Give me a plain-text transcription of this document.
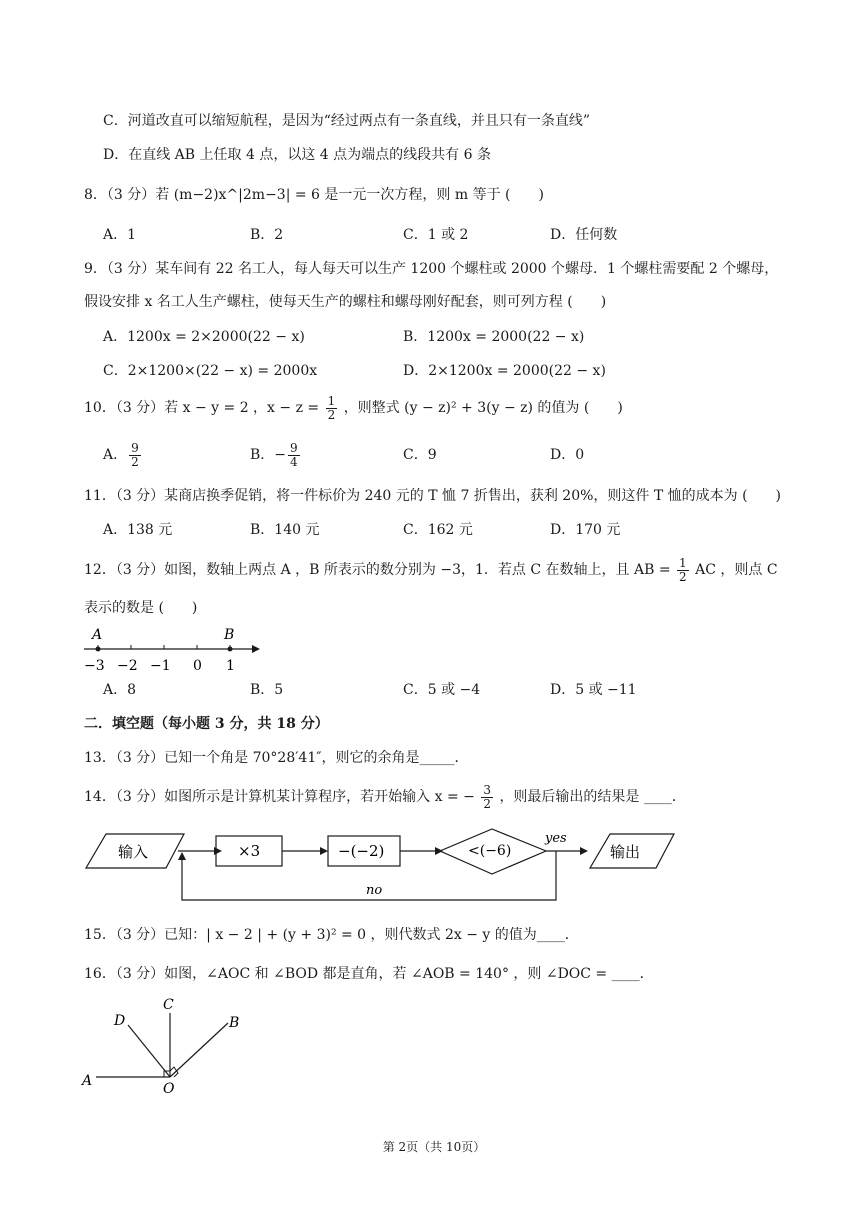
C．河道改直可以缩短航程，是因为“经过两点有一条直线，并且只有一条直线”
D．在直线 AB 上任取 4 点，以这 4 点为端点的线段共有 6 条
8．（3 分）若 (m−2)x^|2m−3| = 6 是一元一次方程，则 m 等于 (　　)
A．1	B．2	C．1 或 2	D．任何数
9．（3 分）某车间有 22 名工人，每人每天可以生产 1200 个螺柱或 2000 个螺母．1 个螺柱需要配 2 个螺母，
假设安排 x 名工人生产螺柱，使每天生产的螺柱和螺母刚好配套，则可列方程 (　　)
A．1200x = 2×2000(22 − x)	B．1200x = 2000(22 − x)
C．2×1200×(22 − x) = 2000x	D．2×1200x = 2000(22 − x)
10．（3 分）若 x − y = 2 ，$x - z = \frac{1}{2}$ ，则整式 (y − z)² + 3(y − z) 的值为 (　　)
A． $\frac{9}{2}$	B．− $\frac{9}{4}$	C．9	D．0
11．（3 分）某商店换季促销，将一件标价为 240 元的 T 恤 7 折售出，获利 20%，则这件 T 恤的成本为 (　　)
A．138 元	B．140 元	C．162 元	D．170 元
12．（3 分）如图，数轴上两点 A ，B 所表示的数分别为 −3，1．若点 C 在数轴上，且 AB = $\frac{1}{2}$ AC ，则点 C
表示的数是 (　　)
A	B
−3 −2 −1 0 1
A．8	B．5	C．5 或 −4	D．5 或 −11
二．填空题（每小题 3 分，共 18 分）
13．（3 分）已知一个角是 70°28′41″，则它的余角是_____．
14．（3 分）如图所示是计算机某计算程序，若开始输入 x = − $\frac{3}{2}$ ，则最后输出的结果是 ____．
输入	×3	−(−2)	<(−6)
yes
输出
no
15．（3 分）已知：| x − 2 | + (y + 3)² = 0 ，则代数式 2x − y 的值为____．
16．（3 分）如图，∠AOC 和 ∠BOD 都是直角，若 ∠AOB = 140° ，则 ∠DOC = ____．
A
B
C
D
O
第 2页（共 10页）
